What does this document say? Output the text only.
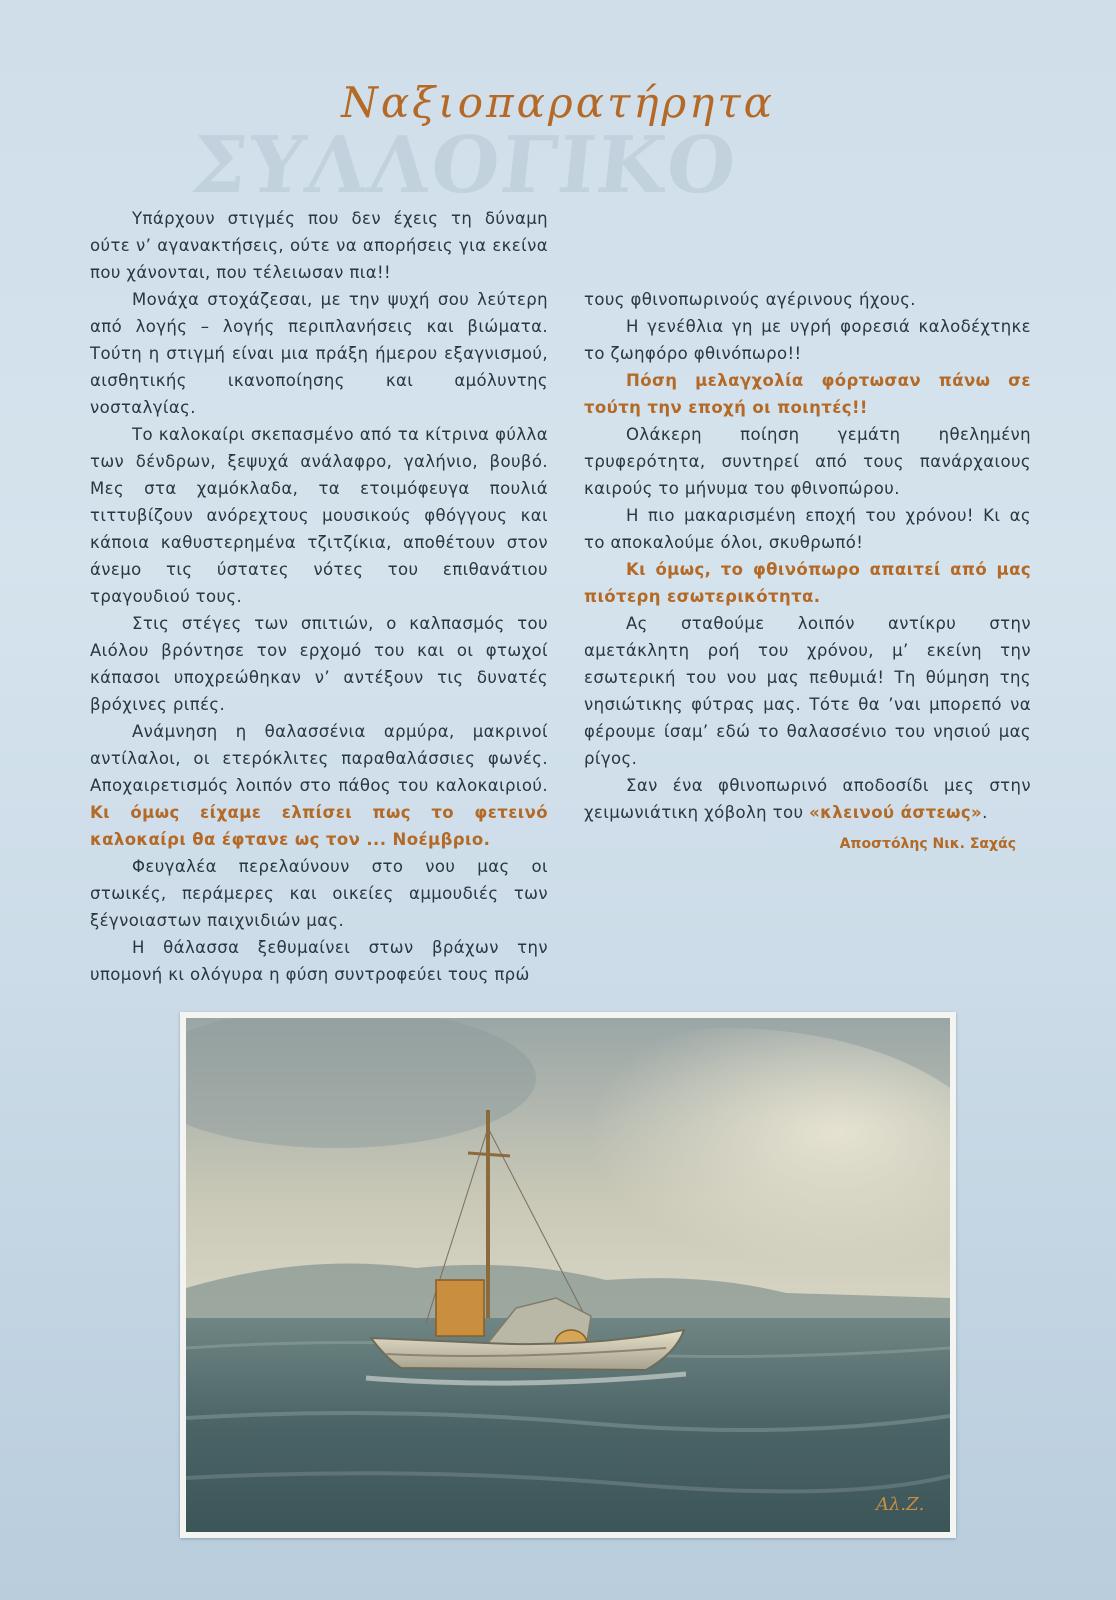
ΣΥΛΛΟΓΙΚΟ
Ναξιοπαρατήρητα

Υπάρχουν στιγμές που δεν έχεις τη δύναμη ούτε ν’ αγανακτήσεις, ούτε να απορήσεις για εκείνα που χάνονται, που τέλειωσαν πια!!

Μονάχα στοχάζεσαι, με την ψυχή σου λεύτερη από λογής – λογής περιπλανήσεις και βιώματα. Τούτη η στιγμή είναι μια πράξη ήμερου εξαγνισμού, αισθητικής ικανοποίησης και αμόλυντης νοσταλγίας.

Το καλοκαίρι σκεπασμένο από τα κίτρινα φύλλα των δένδρων, ξεψυχά ανάλαφρο, γαλήνιο, βουβό. Μες στα χαμόκλαδα, τα ετοιμόφευγα πουλιά τιττυβίζουν ανόρεχτους μουσικούς φθόγγους και κάποια καθυστερημένα τζιτζίκια, αποθέτουν στον άνεμο τις ύστατες νότες του επιθανάτιου τραγουδιού τους.

Στις στέγες των σπιτιών, ο καλπασμός του Αιόλου βρόντησε τον ερχομό του και οι φτωχοί κάπασοι υποχρεώθηκαν ν’ αντέξουν τις δυνατές βρόχινες ριπές.

Ανάμνηση η θαλασσένια αρμύρα, μακρινοί αντίλαλοι, οι ετερόκλιτες παραθαλάσσιες φωνές. Αποχαιρετισμός λοιπόν στο πάθος του καλοκαιριού. Κι όμως είχαμε ελπίσει πως το φετεινό καλοκαίρι θα έφτανε ως τον ... Νοέμβριο.

Φευγαλέα περελαύνουν στο νου μας οι στωικές, περάμερες και οικείες αμμουδιές των ξέγνοιαστων παιχνιδιών μας.

Η θάλασσα ξεθυμαίνει στων βράχων την υπομονή κι ολόγυρα η φύση συντροφεύει τους πρώ

τους φθινοπωρινούς αγέρινους ήχους.

Η γενέθλια γη με υγρή φορεσιά καλοδέχτηκε το ζωηφόρο φθινόπωρο!!

Πόση μελαγχολία φόρτωσαν πάνω σε τούτη την εποχή οι ποιητές!!

Ολάκερη ποίηση γεμάτη ηθελημένη τρυφερότητα, συντηρεί από τους πανάρχαιους καιρούς το μήνυμα του φθινοπώρου.

Η πιο μακαρισμένη εποχή του χρόνου! Κι ας το αποκαλούμε όλοι, σκυθρωπό!

Κι όμως, το φθινόπωρο απαιτεί από μας πιότερη εσωτερικότητα.

Ας σταθούμε λοιπόν αντίκρυ στην αμετάκλητη ροή του χρόνου, μ’ εκείνη την εσωτερική του νου μας πεθυμιά! Τη θύμηση της νησιώτικης φύτρας μας. Τότε θα ’ναι μπορεπό να φέρουμε ίσαμ’ εδώ το θαλασσένιο του νησιού μας ρίγος.

Σαν ένα φθινοπωρινό αποδοσίδι μες στην χειμωνιάτικη χόβολη του «κλεινού άστεως».

Αποστόλης Νικ. Σαχάς

Αλ.Ζ.
